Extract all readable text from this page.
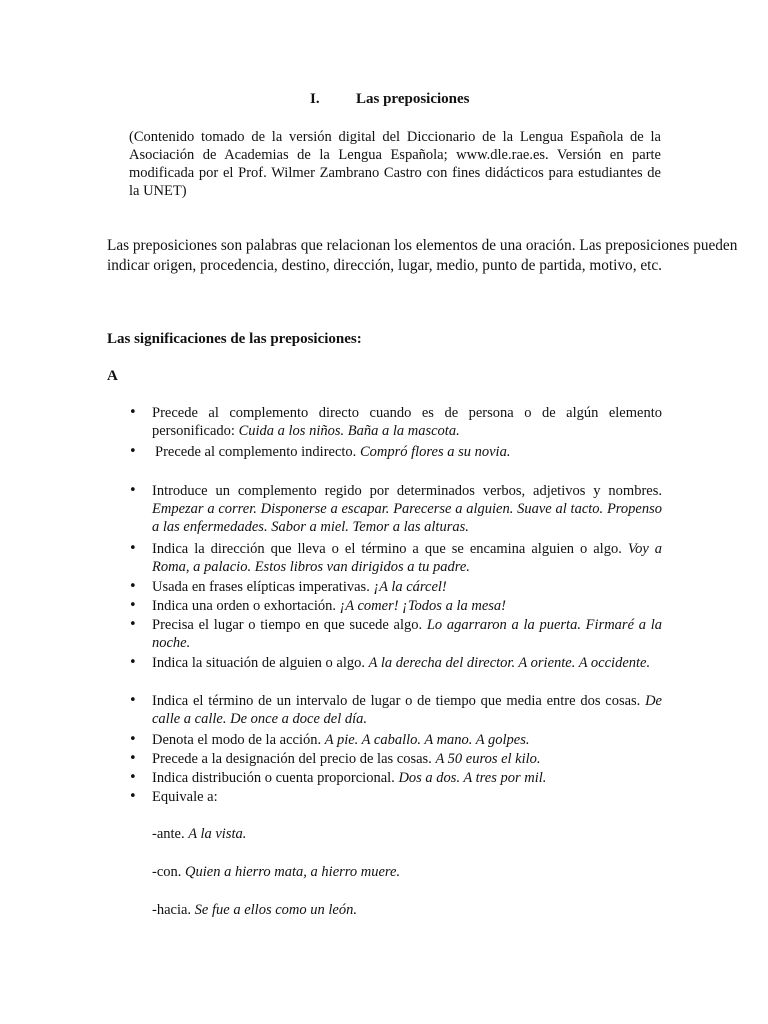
I. Las preposiciones
(Contenido tomado de la versión digital del Diccionario de la Lengua Española de la Asociación de Academias de la Lengua Española; www.dle.rae.es. Versión en parte modificada por el Prof. Wilmer Zambrano Castro con fines didácticos para estudiantes de la UNET)
Las preposiciones son palabras que relacionan los elementos de una oración. Las preposiciones pueden indicar origen, procedencia, destino, dirección, lugar, medio, punto de partida, motivo, etc.
Las significaciones de las preposiciones:
A
• Precede al complemento directo cuando es de persona o de algún elemento personificado: Cuida a los niños. Baña a la mascota.
• Precede al complemento indirecto. Compró flores a su novia.
• Introduce un complemento regido por determinados verbos, adjetivos y nombres. Empezar a correr. Disponerse a escapar. Parecerse a alguien. Suave al tacto. Propenso a las enfermedades. Sabor a miel. Temor a las alturas.
• Indica la dirección que lleva o el término a que se encamina alguien o algo. Voy a Roma, a palacio. Estos libros van dirigidos a tu padre.
• Usada en frases elípticas imperativas. ¡A la cárcel!
• Indica una orden o exhortación. ¡A comer! ¡Todos a la mesa!
• Precisa el lugar o tiempo en que sucede algo. Lo agarraron a la puerta. Firmaré a la noche.
• Indica la situación de alguien o algo. A la derecha del director. A oriente. A occidente.
• Indica el término de un intervalo de lugar o de tiempo que media entre dos cosas. De calle a calle. De once a doce del día.
• Denota el modo de la acción. A pie. A caballo. A mano. A golpes.
• Precede a la designación del precio de las cosas. A 50 euros el kilo.
• Indica distribución o cuenta proporcional. Dos a dos. A tres por mil.
• Equivale a:
-ante. A la vista.
-con. Quien a hierro mata, a hierro muere.
-hacia. Se fue a ellos como un león.
